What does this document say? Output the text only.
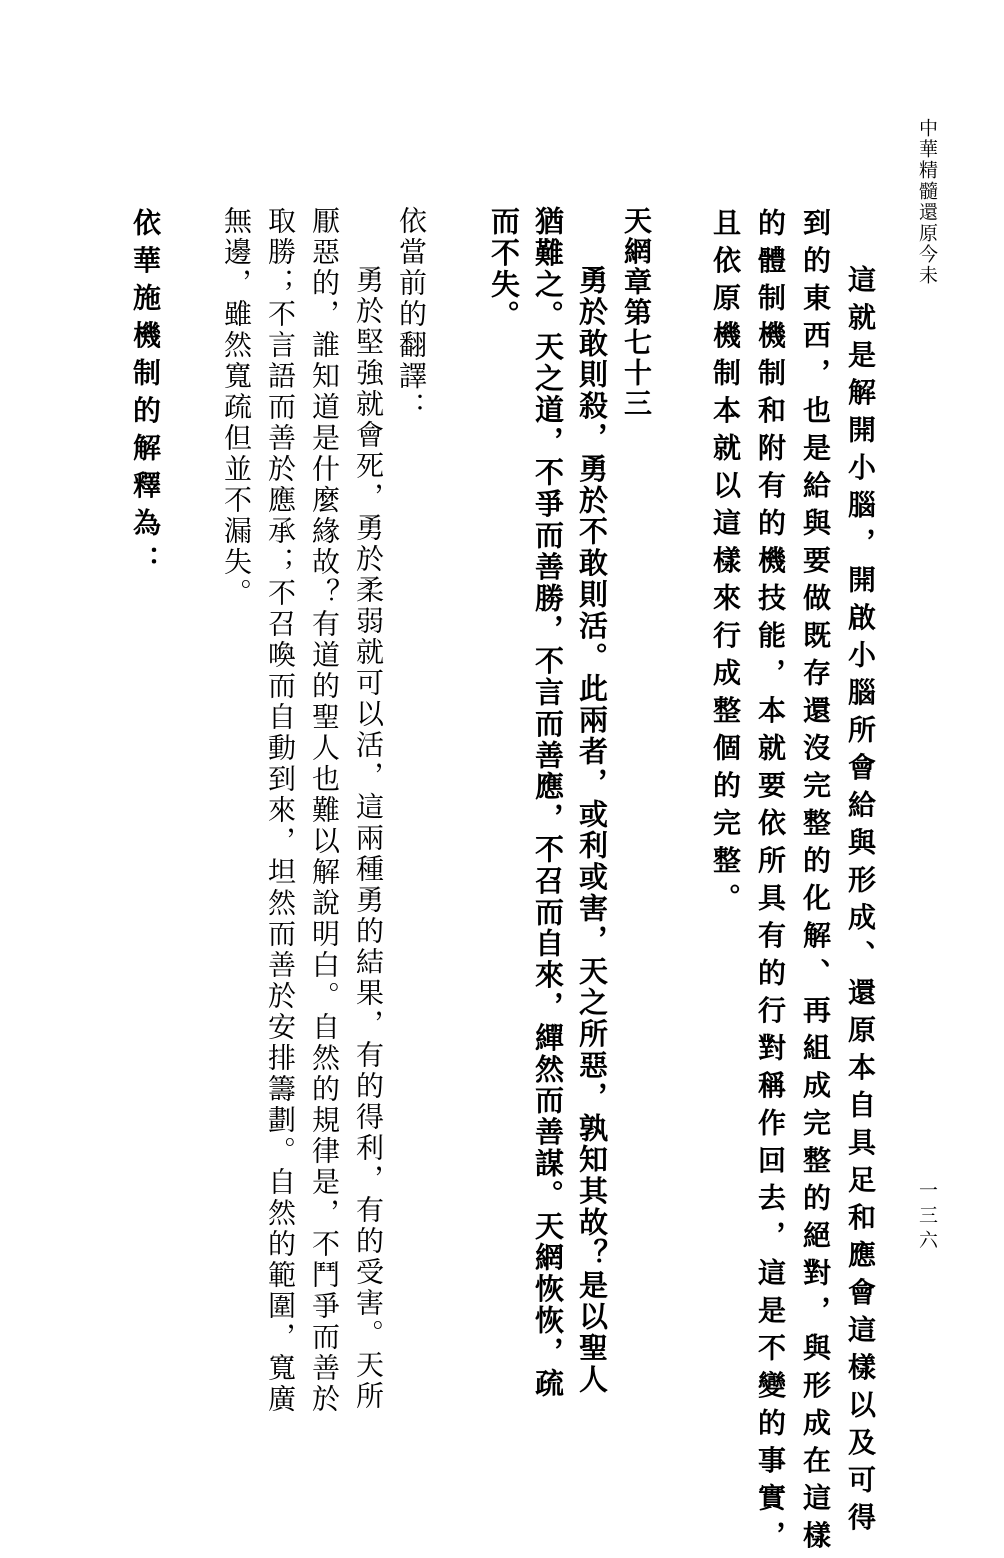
中華精髓還原今未
一三六
這就是解開小腦，開啟小腦所會給與形成、還原本自具足和應會這樣以及可得
到的東西，也是給與要做既存還沒完整的化解、再組成完整的絕對，與形成在這樣
的體制機制和附有的機技能，本就要依所具有的行對稱作回去，這是不變的事實，
且依原機制本就以這樣來行成整個的完整。
天網章第七十三
勇於敢則殺，勇於不敢則活。此兩者，或利或害，天之所惡，孰知其故？是以聖人
猶難之。天之道，不爭而善勝，不言而善應，不召而自來，繟然而善謀。天網恢恢，疏
而不失。
依當前的翻譯：
勇於堅強就會死，勇於柔弱就可以活，這兩種勇的結果，有的得利，有的受害。天所
厭惡的，誰知道是什麼緣故？有道的聖人也難以解說明白。自然的規律是，不鬥爭而善於
取勝；不言語而善於應承；不召喚而自動到來，坦然而善於安排籌劃。自然的範圍，寬廣
無邊，雖然寬疏但並不漏失。
依華施機制的解釋為：
